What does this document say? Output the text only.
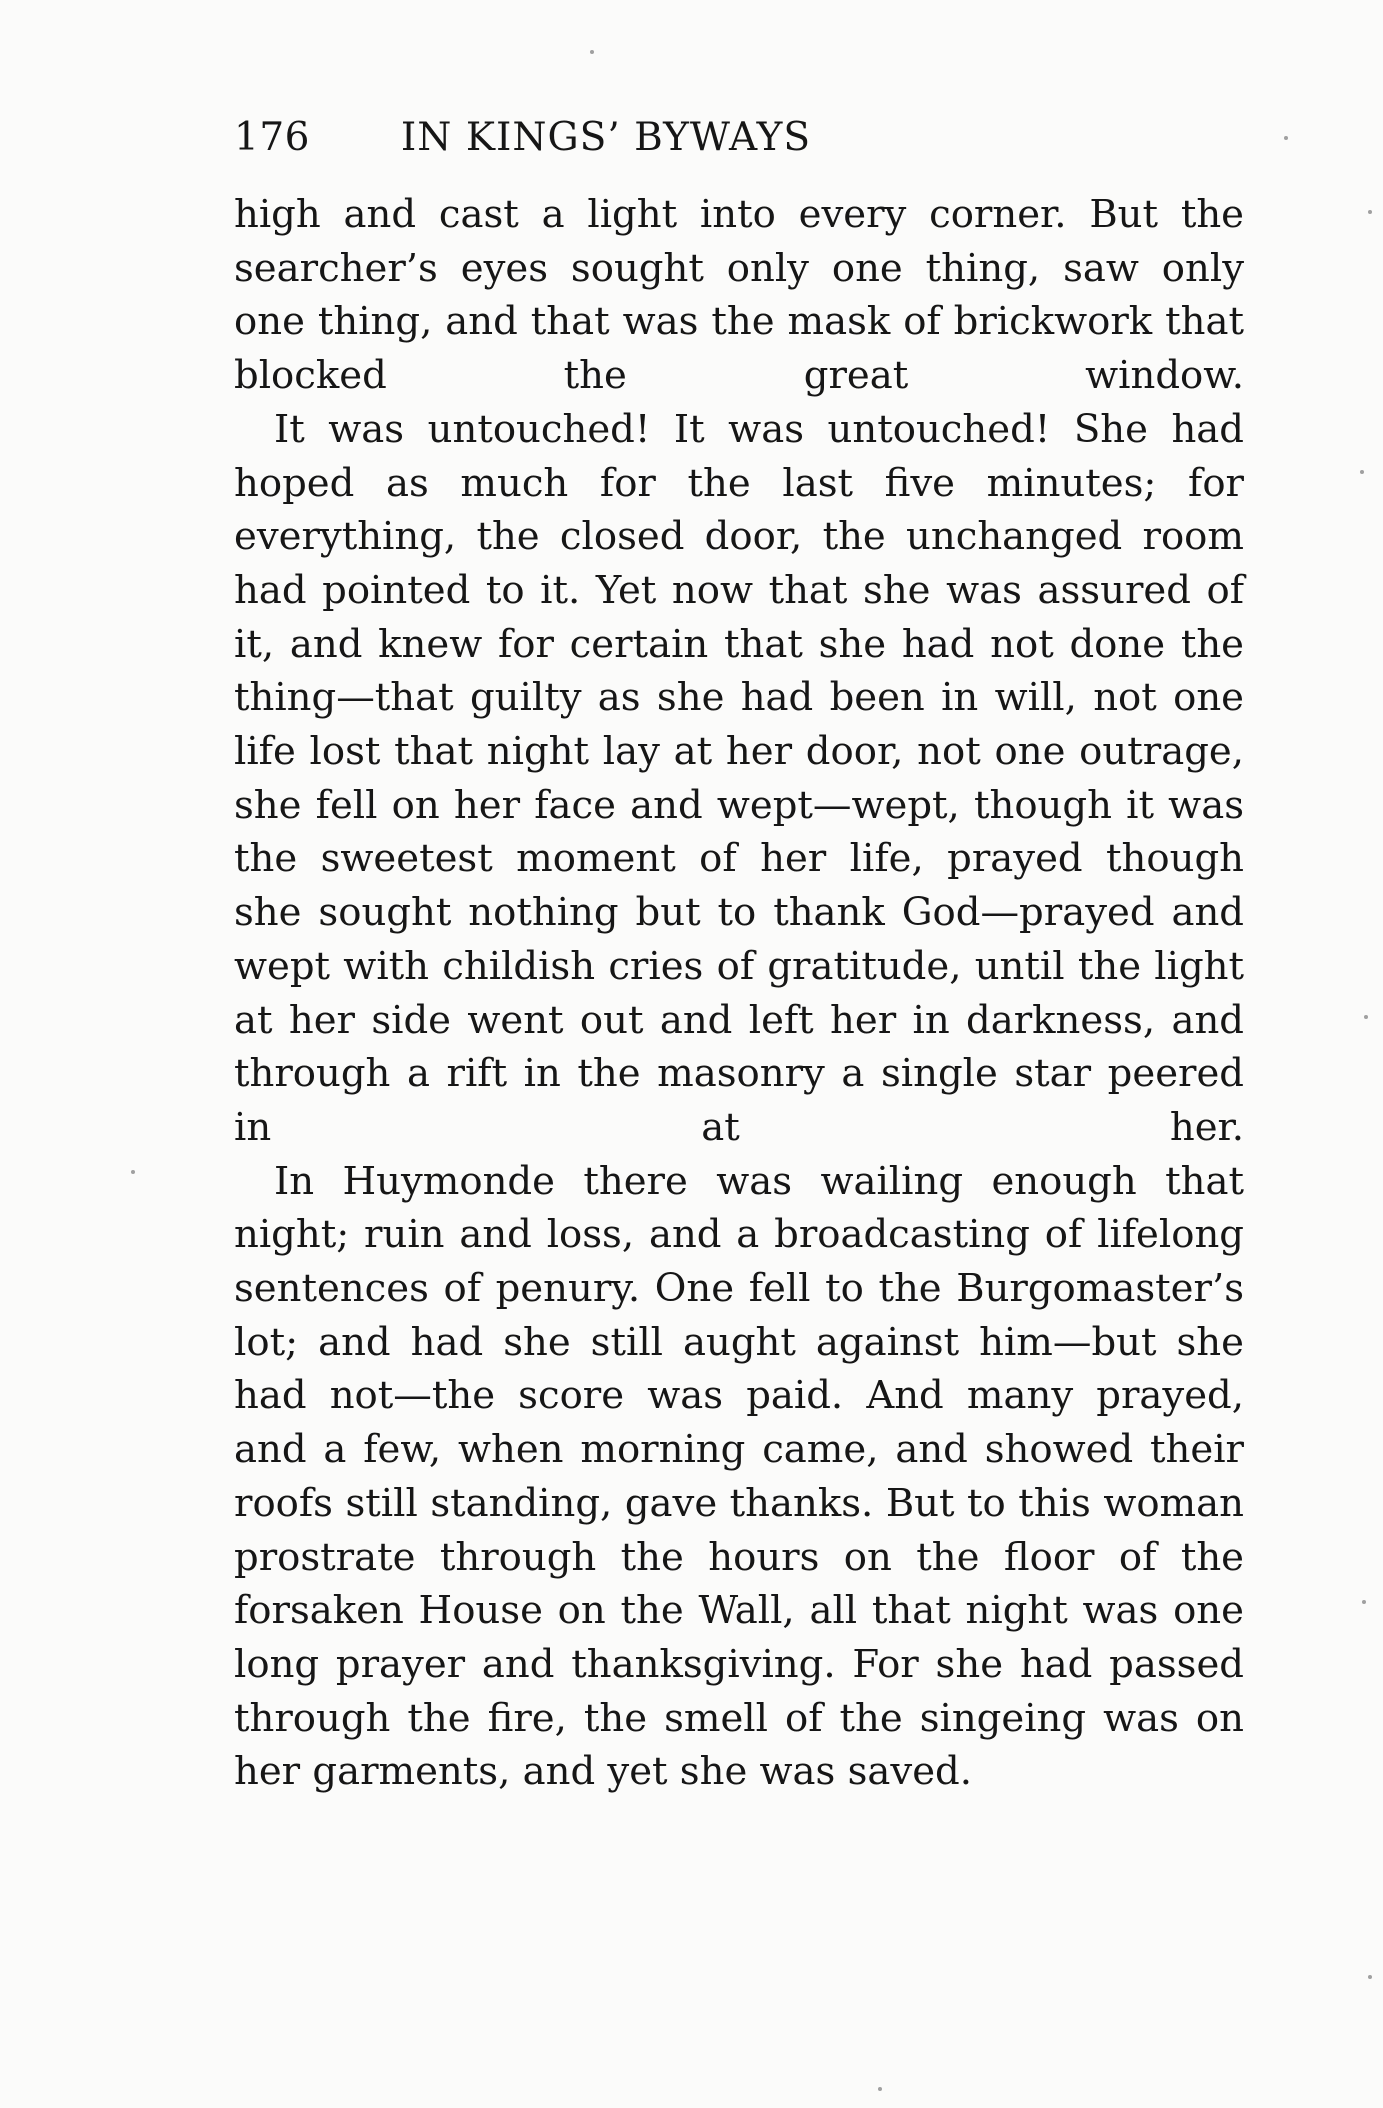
176	IN KINGS’ BYWAYS

high and cast a light into every corner. But the searcher’s eyes sought only one thing, saw only one thing, and that was the mask of brickwork that blocked the great window.

It was untouched! It was untouched! She had hoped as much for the last five minutes; for everything, the closed door, the unchanged room had pointed to it. Yet now that she was assured of it, and knew for certain that she had not done the thing—that guilty as she had been in will, not one life lost that night lay at her door, not one outrage, she fell on her face and wept—wept, though it was the sweetest moment of her life, prayed though she sought nothing but to thank God—prayed and wept with childish cries of gratitude, until the light at her side went out and left her in darkness, and through a rift in the masonry a single star peered in at her.

In Huymonde there was wailing enough that night; ruin and loss, and a broadcasting of lifelong sentences of penury. One fell to the Burgomaster’s lot; and had she still aught against him—but she had not—the score was paid. And many prayed, and a few, when morning came, and showed their roofs still standing, gave thanks. But to this woman prostrate through the hours on the floor of the forsaken House on the Wall, all that night was one long prayer and thanksgiving. For she had passed through the fire, the smell of the singeing was on her garments, and yet she was saved.
